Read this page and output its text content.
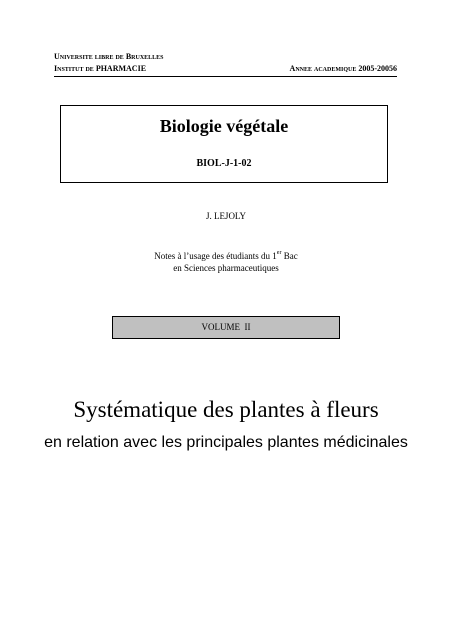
Universite libre de Bruxelles
Institut de PHARMACIE	Annee academique 2005-20056
Biologie végétale
BIOL-J-1-02
J. LEJOLY
Notes à l’usage des étudiants du 1er Bac
en Sciences pharmaceutiques
VOLUME  II
Systématique des plantes à fleurs
en relation avec les principales plantes médicinales
